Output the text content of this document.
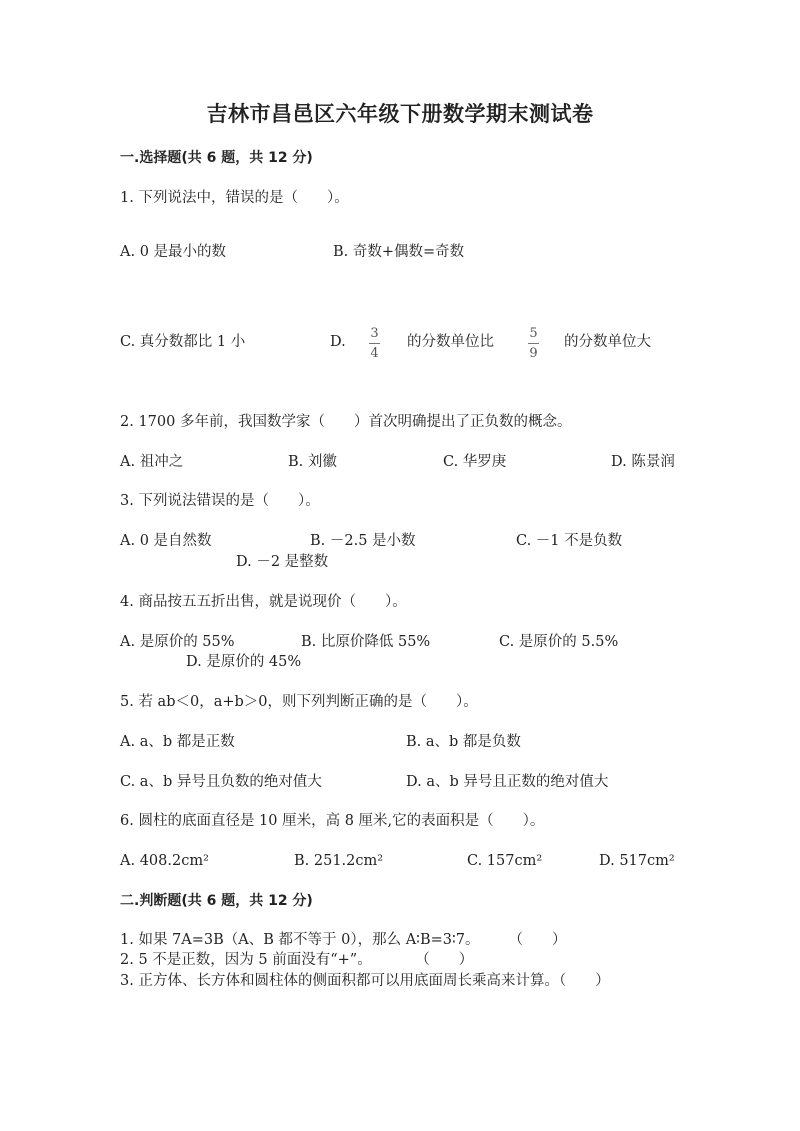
吉林市昌邑区六年级下册数学期末测试卷
一.选择题(共 6 题，共 12 分)
1. 下列说法中，错误的是（　　）。
A. 0 是最小的数	B. 奇数+偶数=奇数
C. 真分数都比 1 小	D.
3
4
的分数单位比
5
9
的分数单位大
2. 1700 多年前，我国数学家（　　）首次明确提出了正负数的概念。
A. 祖冲之	B. 刘徽	C. 华罗庚	D. 陈景润
3. 下列说法错误的是（　　）。
A. 0 是自然数	B. －2.5 是小数	C. －1 不是负数
D. －2 是整数
4. 商品按五五折出售，就是说现价（　　）。
A. 是原价的 55%	B. 比原价降低 55%	C. 是原价的 5.5%
D. 是原价的 45%
5. 若 ab＜0，a+b＞0，则下列判断正确的是（　　）。
A. a、b 都是正数	B. a、b 都是负数
C. a、b 异号且负数的绝对值大	D. a、b 异号且正数的绝对值大
6. 圆柱的底面直径是 10 厘米，高 8 厘米,它的表面积是（　　）。
A. 408.2cm²	B. 251.2cm²	C. 157cm²	D. 517cm²
二.判断题(共 6 题，共 12 分)
1. 如果 7A=3B（A、B 都不等于 0），那么 A∶B=3∶7。　　　（　　）
2. 5 不是正数，因为 5 前面没有“+”。　　　　（　　）
3. 正方体、长方体和圆柱体的侧面积都可以用底面周长乘高来计算。（　　）
